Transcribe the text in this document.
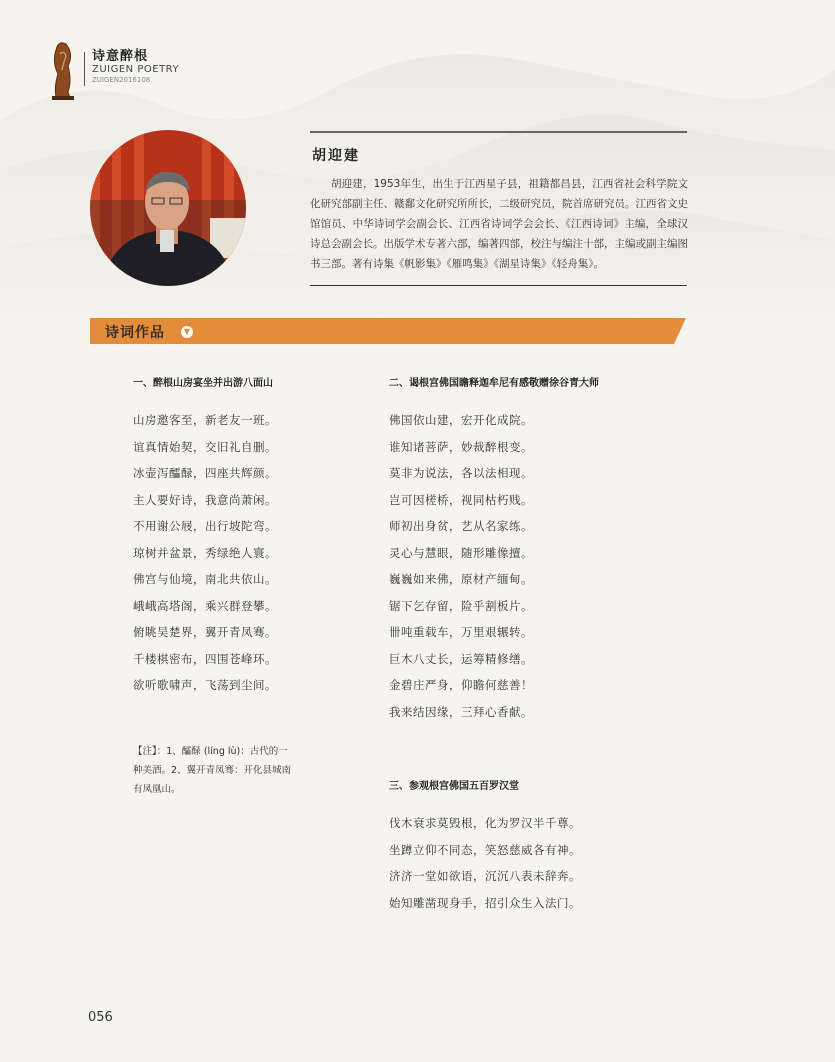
诗意醉根
ZUIGEN POETRY
ZUIGEN2016108
胡迎建
胡迎建，1953年生，出生于江西星子县，祖籍都昌县，江西省社会科学院文化研究部副主任、赣鄱文化研究所所长，二级研究员，院首席研究员。江西省文史馆馆员、中华诗词学会副会长、江西省诗词学会会长、《江西诗词》主编，全球汉诗总会副会长。出版学术专著六部，编著四部，校注与编注十部，主编或副主编图书三部。著有诗集《帆影集》《雁鸣集》《湖星诗集》《轻舟集》。
诗词作品	▼
一、醉根山房宴坐并出游八面山
山房邀客至，新老友一班。
谊真情始契，交旧礼自删。
冰壶泻醽醁，四座共辉颜。
主人要好诗，我意尚萧闲。
不用谢公屐，出行坡陀弯。
琼树并盆景，秀绿绝人寰。
佛宫与仙境，南北共依山。
峨峨高塔阁，乘兴群登攀。
俯眺吴楚界，翼开青凤骞。
千楼棋密布，四围苍峰环。
欲听歌啸声，飞荡到尘间。
【注】：1、醽醁 (líng lù)：古代的一种美酒。2、翼开青凤骞：开化县城南有凤凰山。
二、谒根宫佛国瞻释迦牟尼有感敬赠徐谷青大师
佛国依山建，宏开化成院。
谁知诸菩萨，妙裁醉根变。
莫非为说法，各以法相现。
岂可因槎桥，视同枯朽贱。
师初出身贫，艺从名家练。
灵心与慧眼，随形雕像擅。
巍巍如来佛，原材产缅甸。
锯下乞存留，险乎割板片。
卌吨重载车，万里艰辗转。
巨木八丈长，运筹精修缮。
金碧庄严身，仰瞻何慈善！
我来结因缘，三拜心香献。
三、参观根宫佛国五百罗汉堂
伐木衰求莫毁根，化为罗汉半千尊。
坐蹲立仰不同态，笑怒慈威各有神。
济济一堂如欲语，沉沉八表未辞奔。
始知雕凿现身手，招引众生入法门。
056
